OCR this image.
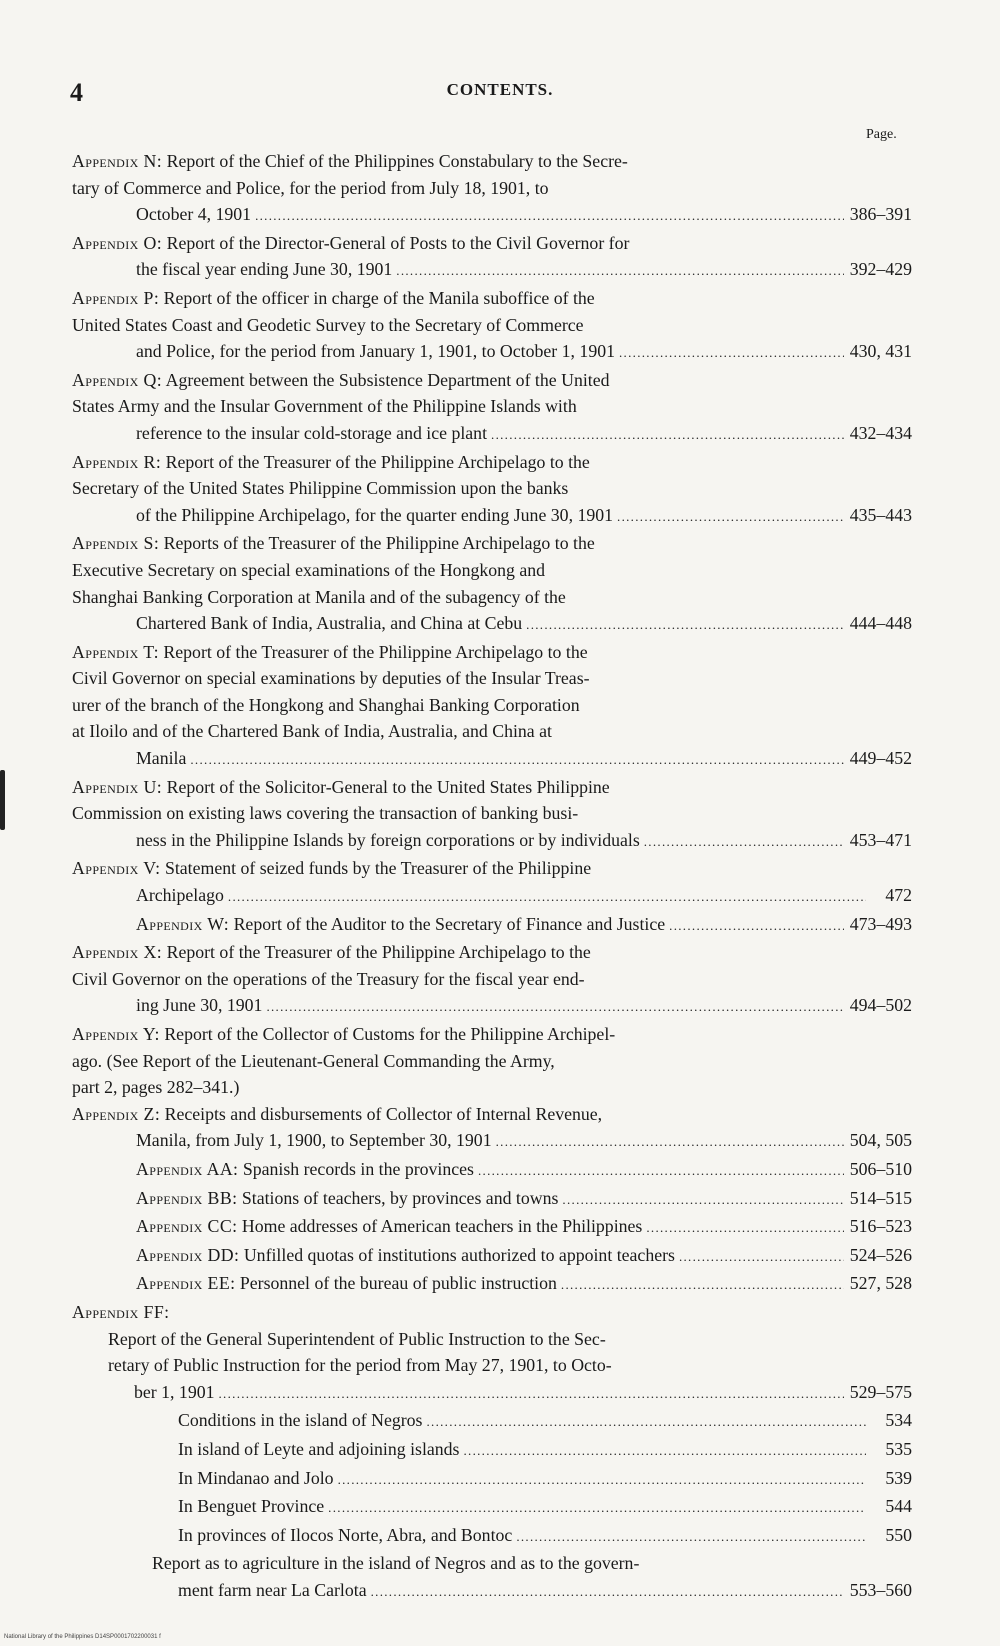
4	CONTENTS.
Page.
Appendix N: Report of the Chief of the Philippines Constabulary to the Secre-
tary of Commerce and Police, for the period from July 18, 1901, to
October 4, 1901 .....	386–391
Appendix O: Report of the Director-General of Posts to the Civil Governor for
the fiscal year ending June 30, 1901 .....	392–429
Appendix P: Report of the officer in charge of the Manila suboffice of the
United States Coast and Geodetic Survey to the Secretary of Commerce
and Police, for the period from January 1, 1901, to October 1, 1901 .....	430, 431
Appendix Q: Agreement between the Subsistence Department of the United
States Army and the Insular Government of the Philippine Islands with
reference to the insular cold-storage and ice plant .....	432–434
Appendix R: Report of the Treasurer of the Philippine Archipelago to the
Secretary of the United States Philippine Commission upon the banks
of the Philippine Archipelago, for the quarter ending June 30, 1901 .....	435–443
Appendix S: Reports of the Treasurer of the Philippine Archipelago to the
Executive Secretary on special examinations of the Hongkong and
Shanghai Banking Corporation at Manila and of the subagency of the
Chartered Bank of India, Australia, and China at Cebu .....	444–448
Appendix T: Report of the Treasurer of the Philippine Archipelago to the
Civil Governor on special examinations by deputies of the Insular Treas-
urer of the branch of the Hongkong and Shanghai Banking Corporation
at Iloilo and of the Chartered Bank of India, Australia, and China at
Manila .....	449–452
Appendix U: Report of the Solicitor-General to the United States Philippine
Commission on existing laws covering the transaction of banking busi-
ness in the Philippine Islands by foreign corporations or by individuals .....	453–471
Appendix V: Statement of seized funds by the Treasurer of the Philippine
Archipelago .....	472
Appendix W: Report of the Auditor to the Secretary of Finance and Justice .....	473–493
Appendix X: Report of the Treasurer of the Philippine Archipelago to the
Civil Governor on the operations of the Treasury for the fiscal year end-
ing June 30, 1901 .....	494–502
Appendix Y: Report of the Collector of Customs for the Philippine Archipel-
ago. (See Report of the Lieutenant-General Commanding the Army,
part 2, pages 282–341.)
Appendix Z: Receipts and disbursements of Collector of Internal Revenue,
Manila, from July 1, 1900, to September 30, 1901 .....	504, 505
Appendix AA: Spanish records in the provinces .....	506–510
Appendix BB: Stations of teachers, by provinces and towns .....	514–515
Appendix CC: Home addresses of American teachers in the Philippines .....	516–523
Appendix DD: Unfilled quotas of institutions authorized to appoint teachers .....	524–526
Appendix EE: Personnel of the bureau of public instruction .....	527, 528
Appendix FF:
Report of the General Superintendent of Public Instruction to the Sec-
retary of Public Instruction for the period from May 27, 1901, to Octo-
ber 1, 1901 .....	529–575
Conditions in the island of Negros .....	534
In island of Leyte and adjoining islands .....	535
In Mindanao and Jolo .....	539
In Benguet Province .....	544
In provinces of Ilocos Norte, Abra, and Bontoc .....	550
Report as to agriculture in the island of Negros and as to the govern-
ment farm near La Carlota .....	553–560
National Library of the Philippines D14SP0001702200031 f
